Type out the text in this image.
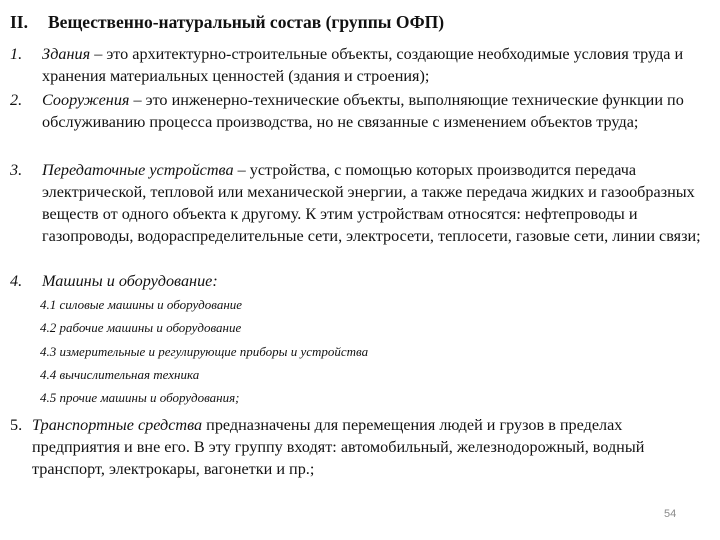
II. Вещественно-натуральный состав (группы ОФП)
1. Здания – это архитектурно-строительные объекты, создающие необходимые условия труда и хранения материальных ценностей (здания и строения);
2. Сооружения – это инженерно-технические объекты, выполняющие технические функции по обслуживанию процесса производства, но не связанные с изменением объектов труда;
3. Передаточные устройства – устройства, с помощью которых производится передача электрической, тепловой или механической энергии, а также передача жидких и газообразных веществ от одного объекта к другому. К этим устройствам относятся: нефтепроводы и газопроводы, водораспределительные сети, электросети, теплосети, газовые сети, линии связи;
4. Машины и оборудование:
4.1 силовые машины и оборудование
4.2 рабочие машины и оборудование
4.3 измерительные и регулирующие приборы и устройства
4.4 вычислительная техника
4.5 прочие машины и оборудования;
5. Транспортные средства предназначены для перемещения людей и грузов в пределах предприятия и вне его. В эту группу входят: автомобильный, железнодорожный, водный транспорт, электрокары, вагонетки и пр.;
54
